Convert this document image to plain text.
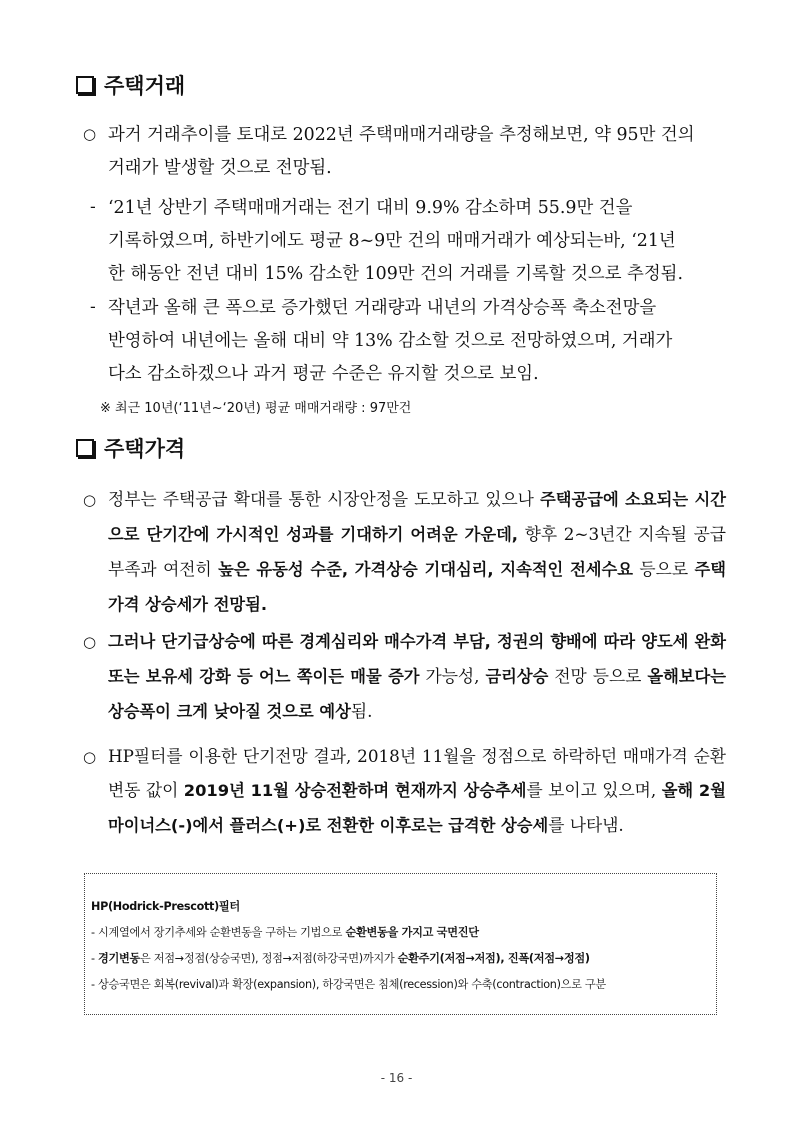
주택거래
○ 과거 거래추이를 토대로 2022년 주택매매거래량을 추정해보면, 약 95만 건의
거래가 발생할 것으로 전망됨.
- ‘21년 상반기 주택매매거래는 전기 대비 9.9% 감소하며 55.9만 건을
기록하였으며, 하반기에도 평균 8~9만 건의 매매거래가 예상되는바, ‘21년
한 해동안 전년 대비 15% 감소한 109만 건의 거래를 기록할 것으로 추정됨.
- 작년과 올해 큰 폭으로 증가했던 거래량과 내년의 가격상승폭 축소전망을
반영하여 내년에는 올해 대비 약 13% 감소할 것으로 전망하였으며, 거래가
다소 감소하겠으나 과거 평균 수준은 유지할 것으로 보임.
※ 최근 10년(‘11년~‘20년) 평균 매매거래량 : 97만건
주택가격
○ 정부는 주택공급 확대를 통한 시장안정을 도모하고 있으나 주택공급에 소요되는 시간으로 단기간에 가시적인 성과를 기대하기 어려운 가운데, 향후 2~3년간 지속될 공급부족과 여전히 높은 유동성 수준, 가격상승 기대심리, 지속적인 전세수요 등으로 주택가격 상승세가 전망됨.
○ 그러나 단기급상승에 따른 경계심리와 매수가격 부담, 정권의 향배에 따라 양도세 완화 또는 보유세 강화 등 어느 쪽이든 매물 증가 가능성, 금리상승 전망 등으로 올해보다는 상승폭이 크게 낮아질 것으로 예상됨.
○ HP필터를 이용한 단기전망 결과, 2018년 11월을 정점으로 하락하던 매매가격 순환변동 값이 2019년 11월 상승전환하며 현재까지 상승추세를 보이고 있으며, 올해 2월 마이너스(-)에서 플러스(+)로 전환한 이후로는 급격한 상승세를 나타냄.
HP(Hodrick-Prescott)필터
- 시계열에서 장기추세와 순환변동을 구하는 기법으로 순환변동을 가지고 국면진단
- 경기변동은 저점→정점(상승국면), 정점→저점(하강국면)까지가 순환주기(저점→저점), 진폭(저점→정점)
- 상승국면은 회복(revival)과 확장(expansion), 하강국면은 침체(recession)와 수축(contraction)으로 구분
- 16 -
